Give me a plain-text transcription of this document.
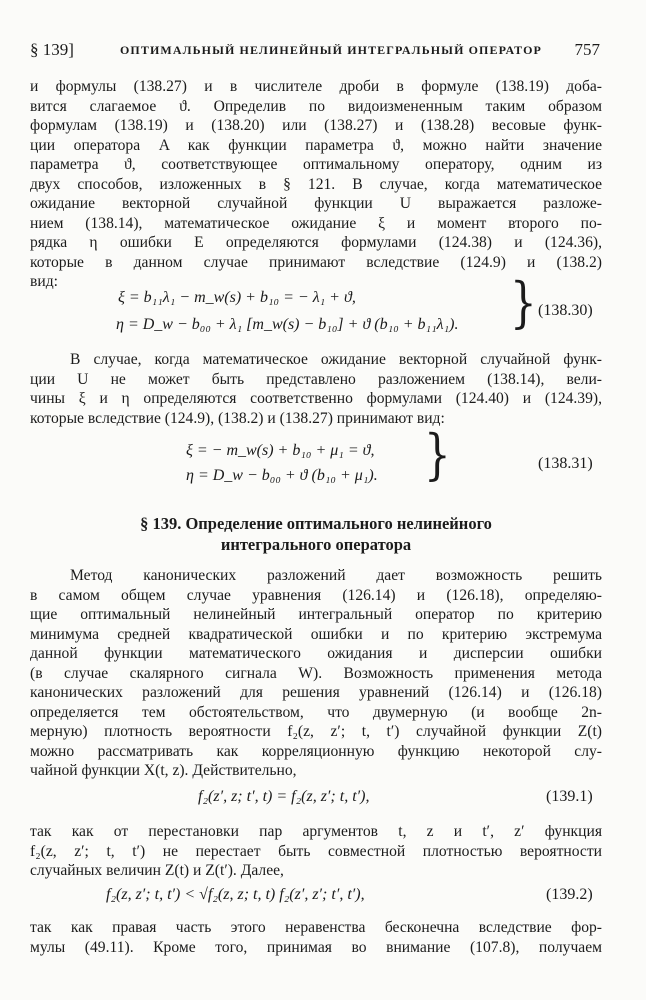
§ 139]	ОПТИМАЛЬНЫЙ НЕЛИНЕЙНЫЙ ИНТЕГРАЛЬНЫЙ ОПЕРАТОР 757
и формулы (138.27) и в числителе дроби в формуле (138.19) доба-
вится слагаемое ϑ. Определив по видоизмененным таким образом
формулам (138.19) и (138.20) или (138.27) и (138.28) весовые функ-
ции оператора A как функции параметра ϑ, можно найти значение
параметра ϑ, соответствующее оптимальному оператору, одним из
двух способов, изложенных в § 121. В случае, когда математическое
ожидание векторной случайной функции U выражается разложе-
нием (138.14), математическое ожидание ξ и момент второго по-
рядка η ошибки E определяются формулами (124.38) и (124.36),
которые в данном случае принимают вследствие (124.9) и (138.2)
вид:
ξ = b₁₁λ₁ − m_w(s) + b₁₀ = − λ₁ + ϑ,
η = D_w − b₀₀ + λ₁ [m_w(s) − b₁₀] + ϑ (b₁₀ + b₁₁λ₁). } (138.30)
В случае, когда математическое ожидание векторной случайной функ-
ции U не может быть представлено разложением (138.14), вели-
чины ξ и η определяются соответственно формулами (124.40) и (124.39),
которые вследствие (124.9), (138.2) и (138.27) принимают вид:
ξ = − m_w(s) + b₁₀ + μ₁ = ϑ,
η = D_w − b₀₀ + ϑ (b₁₀ + μ₁). }	(138.31)
§ 139. Определение оптимального нелинейного
интегрального оператора
Метод канонических разложений дает возможность решить
в самом общем случае уравнения (126.14) и (126.18), определяю-
щие оптимальный нелинейный интегральный оператор по критерию
минимума средней квадратической ошибки и по критерию экстремума
данной функции математического ожидания и дисперсии ошибки
(в случае скалярного сигнала W). Возможность применения метода
канонических разложений для решения уравнений (126.14) и (126.18)
определяется тем обстоятельством, что двумерную (и вообще 2n-
мерную) плотность вероятности f₂(z, z′; t, t′) случайной функции Z(t)
можно рассматривать как корреляционную функцию некоторой слу-
чайной функции X(t, z). Действительно,
f₂(z′, z; t′, t) = f₂(z, z′; t, t′),	(139.1)
так как от перестановки пар аргументов t, z и t′, z′ функция
f₂(z, z′; t, t′) не перестает быть совместной плотностью вероятности
случайных величин Z(t) и Z(t′). Далее,
f₂(z, z′; t, t′) < √f₂(z, z; t, t) f₂(z′, z′; t′, t′),	(139.2)
так как правая часть этого неравенства бесконечна вследствие фор-
мулы (49.11). Кроме того, принимая во внимание (107.8), получаем
